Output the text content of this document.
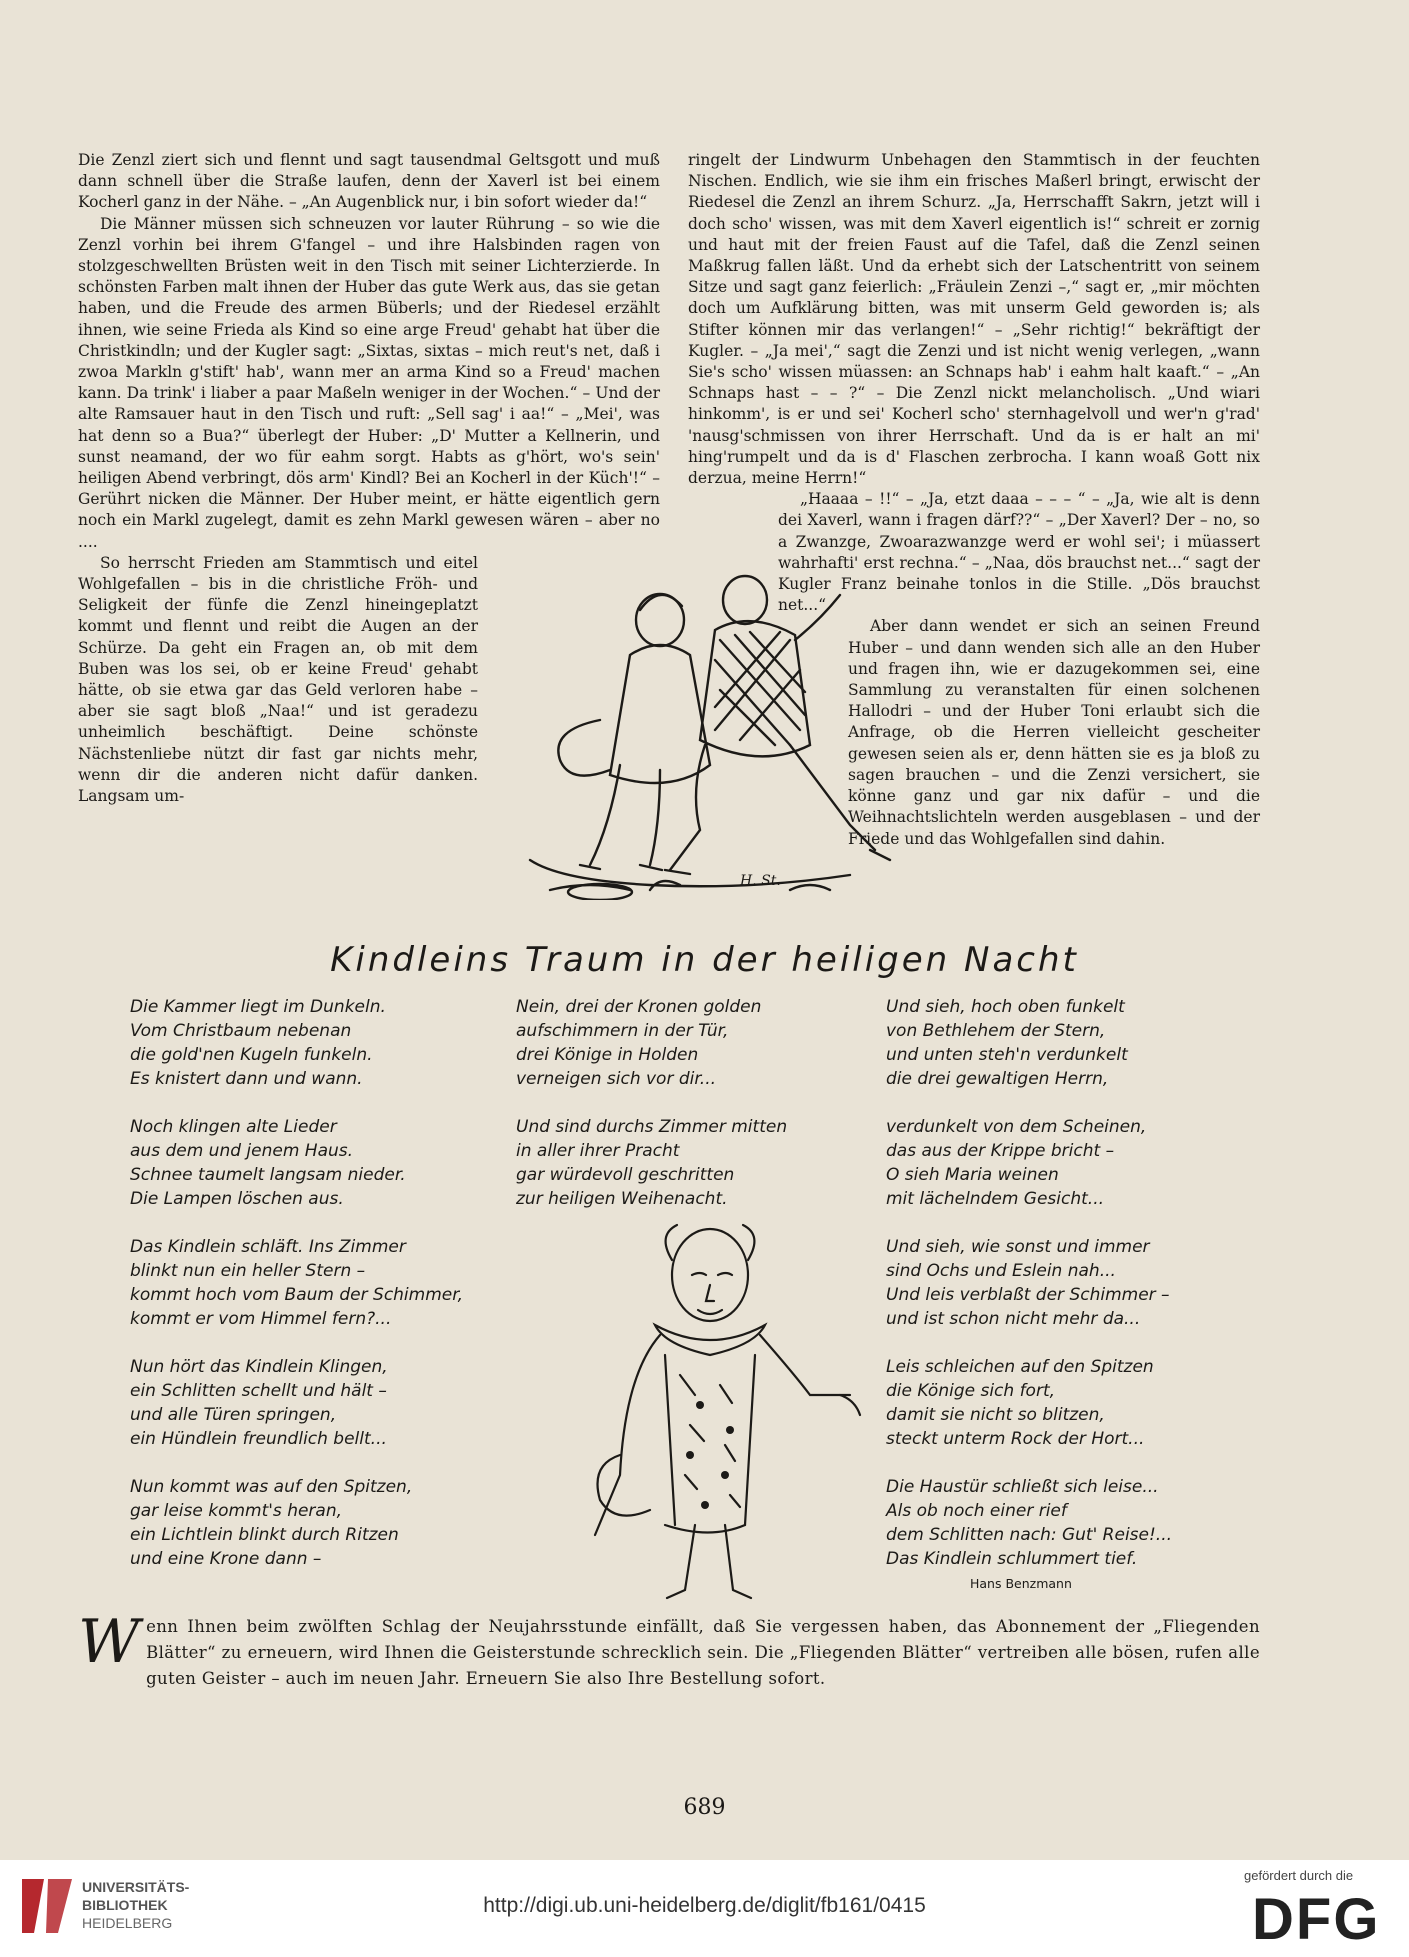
Die Zenzl ziert sich und flennt und sagt tausendmal Geltsgott und muß dann schnell über die Straße laufen, denn der Xaverl ist bei einem Kocherl ganz in der Nähe. – „An Augenblick nur, i bin sofort wieder da!“

Die Männer müssen sich schneuzen vor lauter Rührung – so wie die Zenzl vorhin bei ihrem G'fangel – und ihre Halsbinden ragen von stolzgeschwellten Brüsten weit in den Tisch mit seiner Lichterzierde. In schönsten Farben malt ihnen der Huber das gute Werk aus, das sie getan haben, und die Freude des armen Büberls; und der Riedesel erzählt ihnen, wie seine Frieda als Kind so eine arge Freud' gehabt hat über die Christkindln; und der Kugler sagt: „Sixtas, sixtas – mich reut's net, daß i zwoa Markln g'stift' hab', wann mer an arma Kind so a Freud' machen kann. Da trink' i liaber a paar Maßeln weniger in der Wochen.“ – Und der alte Ramsauer haut in den Tisch und ruft: „Sell sag' i aa!“ – „Mei', was hat denn so a Bua?“ überlegt der Huber: „D' Mutter a Kellnerin, und sunst neamand, der wo für eahm sorgt. Habts as g'hört, wo's sein' heiligen Abend verbringt, dös arm' Kindl? Bei an Kocherl in der Küch'!“ – Gerührt nicken die Männer. Der Huber meint, er hätte eigentlich gern noch ein Markl zugelegt, damit es zehn Markl gewesen wären – aber no ....

So herrscht Frieden am Stammtisch und eitel Wohlgefallen – bis in die christliche Fröh- und Seligkeit der fünfe die Zenzl hineingeplatzt kommt und flennt und reibt die Augen an der Schürze. Da geht ein Fragen an, ob mit dem Buben was los sei, ob er keine Freud' gehabt hätte, ob sie etwa gar das Geld verloren habe – aber sie sagt bloß „Naa!“ und ist geradezu unheimlich beschäftigt. Deine schönste Nächstenliebe nützt dir fast gar nichts mehr, wenn dir die anderen nicht dafür danken. Langsam um-

ringelt der Lindwurm Unbehagen den Stammtisch in der feuchten Nischen. Endlich, wie sie ihm ein frisches Maßerl bringt, erwischt der Riedesel die Zenzl an ihrem Schurz. „Ja, Herrschafft Sakrn, jetzt will i doch scho' wissen, was mit dem Xaverl eigentlich is!“ schreit er zornig und haut mit der freien Faust auf die Tafel, daß die Zenzl seinen Maßkrug fallen läßt. Und da erhebt sich der Latschentritt von seinem Sitze und sagt ganz feierlich: „Fräulein Zenzi –,“ sagt er, „mir möchten doch um Aufklärung bitten, was mit unserm Geld geworden is; als Stifter können mir das verlangen!“ – „Sehr richtig!“ bekräftigt der Kugler. – „Ja mei',“ sagt die Zenzi und ist nicht wenig verlegen, „wann Sie's scho' wissen müassen: an Schnaps hab' i eahm halt kaaft.“ – „An Schnaps hast – – ?“ – Die Zenzl nickt melancholisch. „Und wiari hinkomm', is er und sei' Kocherl scho' sternhagelvoll und wer'n g'rad' 'nausg'schmissen von ihrer Herrschaft. Und da is er halt an mi' hing'rumpelt und da is d' Flaschen zerbrocha. I kann woaß Gott nix derzua, meine Herrn!“

„Haaaa – !!“ – „Ja, etzt daaa – – – “ – „Ja, wie alt is denn dei Xaverl, wann i fragen därf??“ – „Der Xaverl? Der – no, so a Zwanzge, Zwoarazwanzge werd er wohl sei'; i müassert wahrhafti' erst rechna.“ – „Naa, dös brauchst net...“ sagt der Kugler Franz beinahe tonlos in die Stille. „Dös brauchst net...“

Aber dann wendet er sich an seinen Freund Huber – und dann wenden sich alle an den Huber und fragen ihn, wie er dazugekommen sei, eine Sammlung zu veranstalten für einen solchenen Hallodri – und der Huber Toni erlaubt sich die Anfrage, ob die Herren vielleicht gescheiter gewesen seien als er, denn hätten sie es ja bloß zu sagen brauchen – und die Zenzi versichert, sie könne ganz und gar nix dafür – und die Weihnachtslichteln werden ausgeblasen – und der Friede und das Wohlgefallen sind dahin.

H. St.
Kindleins Traum in der heiligen Nacht
Die Kammer liegt im Dunkeln.
Vom Christbaum nebenan
die gold'nen Kugeln funkeln.
Es knistert dann und wann.
Noch klingen alte Lieder
aus dem und jenem Haus.
Schnee taumelt langsam nieder.
Die Lampen löschen aus.
Das Kindlein schläft. Ins Zimmer
blinkt nun ein heller Stern –
kommt hoch vom Baum der Schimmer,
kommt er vom Himmel fern?...
Nun hört das Kindlein Klingen,
ein Schlitten schellt und hält –
und alle Türen springen,
ein Hündlein freundlich bellt...
Nun kommt was auf den Spitzen,
gar leise kommt's heran,
ein Lichtlein blinkt durch Ritzen
und eine Krone dann –
Nein, drei der Kronen golden
aufschimmern in der Tür,
drei Könige in Holden
verneigen sich vor dir...
Und sind durchs Zimmer mitten
in aller ihrer Pracht
gar würdevoll geschritten
zur heiligen Weihenacht.
Und sieh, hoch oben funkelt
von Bethlehem der Stern,
und unten steh'n verdunkelt
die drei gewaltigen Herrn,
verdunkelt von dem Scheinen,
das aus der Krippe bricht –
O sieh Maria weinen
mit lächelndem Gesicht...
Und sieh, wie sonst und immer
sind Ochs und Eslein nah...
Und leis verblaßt der Schimmer –
und ist schon nicht mehr da...
Leis schleichen auf den Spitzen
die Könige sich fort,
damit sie nicht so blitzen,
steckt unterm Rock der Hort...
Die Haustür schließt sich leise...
Als ob noch einer rief
dem Schlitten nach: Gut' Reise!...
Das Kindlein schlummert tief.
Hans Benzmann
Wenn Ihnen beim zwölften Schlag der Neujahrsstunde einfällt, daß Sie vergessen haben, das Abonnement der „Fliegenden Blätter“ zu erneuern, wird Ihnen die Geisterstunde schrecklich sein. Die „Fliegenden Blätter“ vertreiben alle bösen, rufen alle guten Geister – auch im neuen Jahr. Erneuern Sie also Ihre Bestellung sofort.
689
UNIVERSITÄTS-
BIBLIOTHEK
HEIDELBERG
http://digi.ub.uni-heidelberg.de/diglit/fb161/0415
gefördert durch die
DFG
